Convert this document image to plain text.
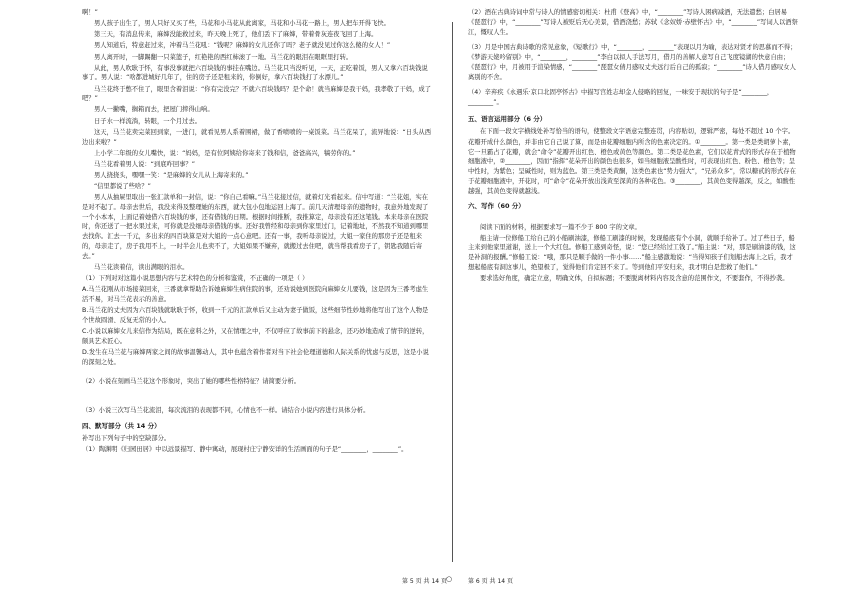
啊！”
男人孩子出生了，男人只好又买了些，马花和小马花从此离家，马花和小马花一路上，男人把车开得飞快。
第三天，有消息传来，麻婶没能救过来，昨天晚上死了，他们丢下了麻婶，带着骨灰连夜飞回了上海。
男人知道后，特意赶过来，冲着马兰花吼：“钱呢？麻婶的女儿还你了吗？老子就没见过你这么傻的女人！”
男人离开时，一脚踢翻一只菜篮子，红艳艳的西红柿滚了一地。马兰花的眼泪在眼眶里打转。
从此，男人吹耿于怀，有事没事就把六百块钱的事挂在嘴边。马兰花只当没听见，一天，正吃着饭，男人又拿六百块钱说事了。男人说：“啥都进城好几年了，住的房子还是租来的，你倒好，拿六百块钱打了水漂儿。”
马兰花终于憋不住了，眼里含着泪说：“你有完没完？不就六百块钱吗？是个命！就当麻婶是我干妈，我孝敬了干妈，成了吧？”
男人一撇嘴，搁箱而去，把屋门摔得山响。
日子水一样流淌，转眼，一个月过去。
这天，马兰花卖完菜回到家，一进门，就看见男人系着围裙，做了香喷喷的一桌饭菜。马兰花呆了，流异地说：“日头从西边出来啦？”
上小学二年级的女儿嘴快，说：“妈妈，是有位阿姨给你寄来了钱和信，爸爸高兴，犒劳你的。”
马兰花看着男人说：“到底咋回事？”
男人挠挠头，嘿嘿一笑：“是麻婶的女儿从上海寄来的。”
“信里都说了些啥？”
男人从抽屉里取出一张汇款单和一封信，说：“你自己看嘛。”马兰花接过信，就着灯光看起来。信中写道：“兰花姐，实在是对不起了。母亲去世后，我没来得及整理她的东西，就大包小包地运回上海了。前几天清理母亲的遗物时，我意外地发现了一个小本本，上面记着她借六百块钱的事，还有借钱的日期。根据时间推断，我推算定，母亲没有还这笔钱。本来母亲在医院时，你还送了一把水果过来，可你就是没细母亲借钱的事。还好我曾经和母亲到你家里过门，记着地址，不然我不知道到哪里去找你。汇去一千元，多出来的四百块算是对大姐的一点心意吧。还有一事，我听母亲说过，大姐一家住的那房子还是租来的，母亲走了，房子我用不上，一时半会儿也卖不了，大姐如果不嫌弃，就搬过去住吧，就当帮我看房子了，钥匙我随后寄去。”
马兰花读着信，读出满眼的泪水。
（1）下列对对这篇小说思想内容与艺术特色的分析和鉴赏，不正确的一项是（ ）
A.马兰花刚从市场接菜回来，三番就拿帮助告诉她麻婶生病住院的事，还劝说她到医院向麻婶女儿要钱，这是因为三番考虑生活不易，对马兰花表示的善意。
B.马兰花的丈夫因为六百块钱就耿耿于怀，收到一千元的汇款单后又主动为妻子做饭，这些细节性妙地将他写出了这个人物是个世故圆滑、反复无常的小人。
C.小说以麻婶女儿来信作为结局，既在意料之外，又在情理之中，不仅呼应了故事前下的悬念，还巧妙地造成了情节的逆转，颇具艺术匠心。
D.发生在马兰花与麻婶两家之间的故事温馨动人，其中也蕴含着作者对当下社会伦理道德和人际关系的忧虑与反思，这是小说的深刻之处。
（2）小说在刻画马兰花这个形象时，突出了她的哪些性格特征？请简要分析。
（3）小说三次写马兰花流泪，每次流泪的表现都不同，心情也不一样。请结合小说内容进行具体分析。
四、默写部分（共 14 分）
补写出下列句子中的空缺部分。
（1）陶渊明《归园田居》中以远景描写、静中寓动，展现村庄宁静安详的生活画面的句子是“________，________”。
（2）酒在古典诗词中常与诗人的情感密切相关：杜甫《登高》中，“________”写诗人困病减酒，无法遣愁；白居易《琵琶行》中，“________”写诗人被贬后无心美景，借酒浇愁；苏轼《念奴娇·赤壁怀古》中，“________”写词人以酒祭江，慨叹人生。
（3）月是中国古典诗歌的常见意象，《短歌行》中，“________，________”表现以月为喻，表达对贤才的思慕而不得；《梦游天姥吟留别》中，“________，________”李白以拟人手法写月，借月的善解人意写自己飞度镜湖的快意自由；《琵琶行》中，月被用于渲染情感，“________”琵琶女倩月感叹丈夫远行后自己的孤寂；“________”诗人借月感叹女人离别的不舍。
（4）辛弃疾《永遇乐·京口北固亭怀古》中描写宫姓志却金人侵略的回复，一味安于现状的句子是“________，________”。
五、语言运用部分（6 分）
在下面一段文字横线处补写恰当的语句，使整段文字语意完整连贯，内容贴切，逻辑严密，每处不超过 10 个字。
花瓣开成什么颜色，并非由它自己说了算，而是由花瓣细胞内所含的色素决定的。①________。第一类是类胡萝卜素，它一旦霸占了花瓣，就会“命令”花瓣开出红色、橙色或黄色等颜色。第二类是花色素，它们以花青式的形式存在于植物细胞液中，②________，因而“指挥”花朵开出的颜色也很多，如当细胞液呈酸性时，可表现出红色、粉色、橙色等；呈中性时，为紫色；呈碱性时，则为蓝色。第三类是类黄酮，这类色素也“势力强大”，“兄弟众多”，常以糖甙的形式存在于花瓣细胞液中，开花时，可“命令”花朵开放出浅黄至深黄的各种花色。③________，其黄色变得越深，反之，如酸性越强，其黄色变得就越浅。
六、写作（60 分）
阅读下面的材料，根据要求写一篇不少于 800 字的文章。
船主请一位修船工给自己的小船刷油漆，修船工刷漆的时候，发现船底有个小洞，就顺手给补了。过了些日子，船主来到他家里道谢，送上一个大红包。修船工感到奇怪，说：“您已经给过工钱了。”船主说：“对，那是刷油漆的钱，这是补洞的报酬。”修船工说：“哦，那只是顺手做的一件小事……”船主感激地说：“当得知孩子们划船去海上之后，我才想起船底有洞这事儿，绝望极了，觉得他们肯定回不来了。等到他们平安归来，我才明白是您救了他们。”
要求选好角度，确定立意，明确文体，自拟标题；不要脱离材料内容及含意的范围作文，不要套作，不得抄袭。
第 5 页 共 14 页 ○	第 6 页 共 14 页
